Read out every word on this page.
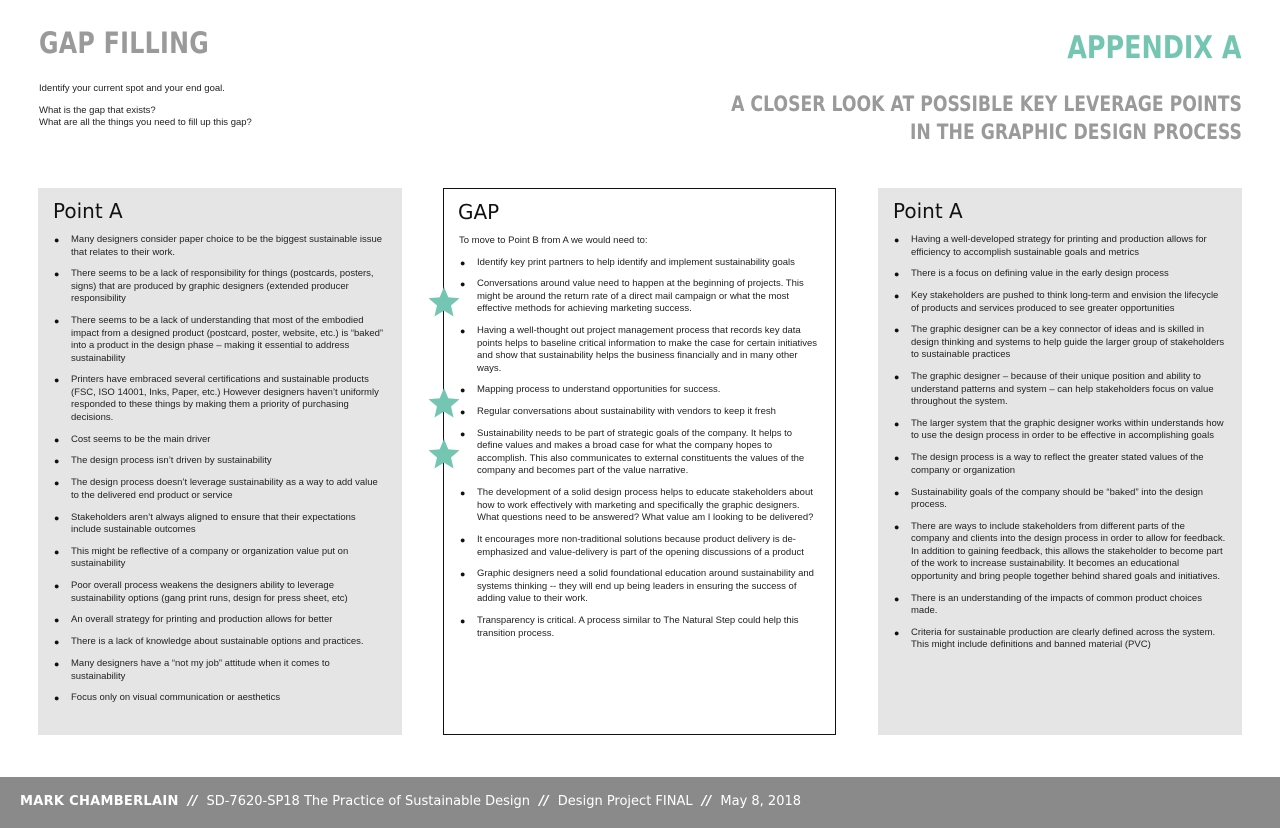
GAP FILLING

Identify your current spot and your end goal.

What is the gap that exists?

What are all the things you need to fill up this gap?

APPENDIX A
A CLOSER LOOK AT POSSIBLE KEY LEVERAGE POINTS
IN THE GRAPHIC DESIGN PROCESS
Point A
● Many designers consider paper choice to be the biggest sustainable issue that relates to their work.
● There seems to be a lack of responsibility for things (postcards, posters, signs) that are produced by graphic designers (extended producer responsibility
● There seems to be a lack of understanding that most of the embodied impact from a designed product (postcard, poster, website, etc.) is “baked” into a product in the design phase – making it essential to address sustainability
● Printers have embraced several certifications and sustainable products (FSC, ISO 14001, Inks, Paper, etc.) However designers haven’t uniformly responded to these things by making them a priority of purchasing decisions.
● Cost seems to be the main driver
● The design process isn’t driven by sustainability
● The design process doesn’t leverage sustainability as a way to add value to the delivered end product or service
● Stakeholders aren’t always aligned to ensure that their expectations include sustainable outcomes
● This might be reflective of a company or organization value put on sustainability
● Poor overall process weakens the designers ability to leverage sustainability options (gang print runs, design for press sheet, etc)
● An overall strategy for printing and production allows for better
● There is a lack of knowledge about sustainable options and practices.
● Many designers have a “not my job” attitude when it comes to sustainability
● Focus only on visual communication or aesthetics
GAP

To move to Point B from A we would need to:

● Identify key print partners to help identify and implement sustainability goals
● Conversations around value need to happen at the beginning of projects. This might be around the return rate of a direct mail campaign or what the most effective methods for achieving marketing success.
● Having a well-thought out project management process that records key data points helps to baseline critical information to make the case for certain initiatives and show that sustainability helps the business financially and in many other ways.
● Mapping process to understand opportunities for success.
● Regular conversations about sustainability with vendors to keep it fresh
● Sustainability needs to be part of strategic goals of the company. It helps to define values and makes a broad case for what the company hopes to accomplish. This also communicates to external constituents the values of the company and becomes part of the value narrative.
● The development of a solid design process helps to educate stakeholders about how to work effectively with marketing and specifically the graphic designers. What questions need to be answered? What value am I looking to be delivered?
● It encourages more non-traditional solutions because product delivery is de-emphasized and value-delivery is part of the opening discussions of a product
● Graphic designers need a solid foundational education around sustainability and systems thinking -- they will end up being leaders in ensuring the success of adding value to their work.
● Transparency is critical. A process similar to The Natural Step could help this transition process.
Point A
● Having a well-developed strategy for printing and production allows for efficiency to accomplish sustainable goals and metrics
● There is a focus on defining value in the early design process
● Key stakeholders are pushed to think long-term and envision the lifecycle of products and services produced to see greater opportunities
● The graphic designer can be a key connector of ideas and is skilled in design thinking and systems to help guide the larger group of stakeholders to sustainable practices
● The graphic designer – because of their unique position and ability to understand patterns and system – can help stakeholders focus on value throughout the system.
● The larger system that the graphic designer works within understands how to use the design process in order to be effective in accomplishing goals
● The design process is a way to reflect the greater stated values of the company or organization
● Sustainability goals of the company should be “baked” into the design process.
● There are ways to include stakeholders from different parts of the company and clients into the design process in order to allow for feedback. In addition to gaining feedback, this allows the stakeholder to become part of the work to increase sustainability. It becomes an educational opportunity and bring people together behind shared goals and initiatives.
● There is an understanding of the impacts of common product choices made.
● Criteria for sustainable production are clearly defined across the system. This might include definitions and banned material (PVC)
MARK CHAMBERLAIN // SD-7620-SP18 The Practice of Sustainable Design // Design Project FINAL // May 8, 2018
